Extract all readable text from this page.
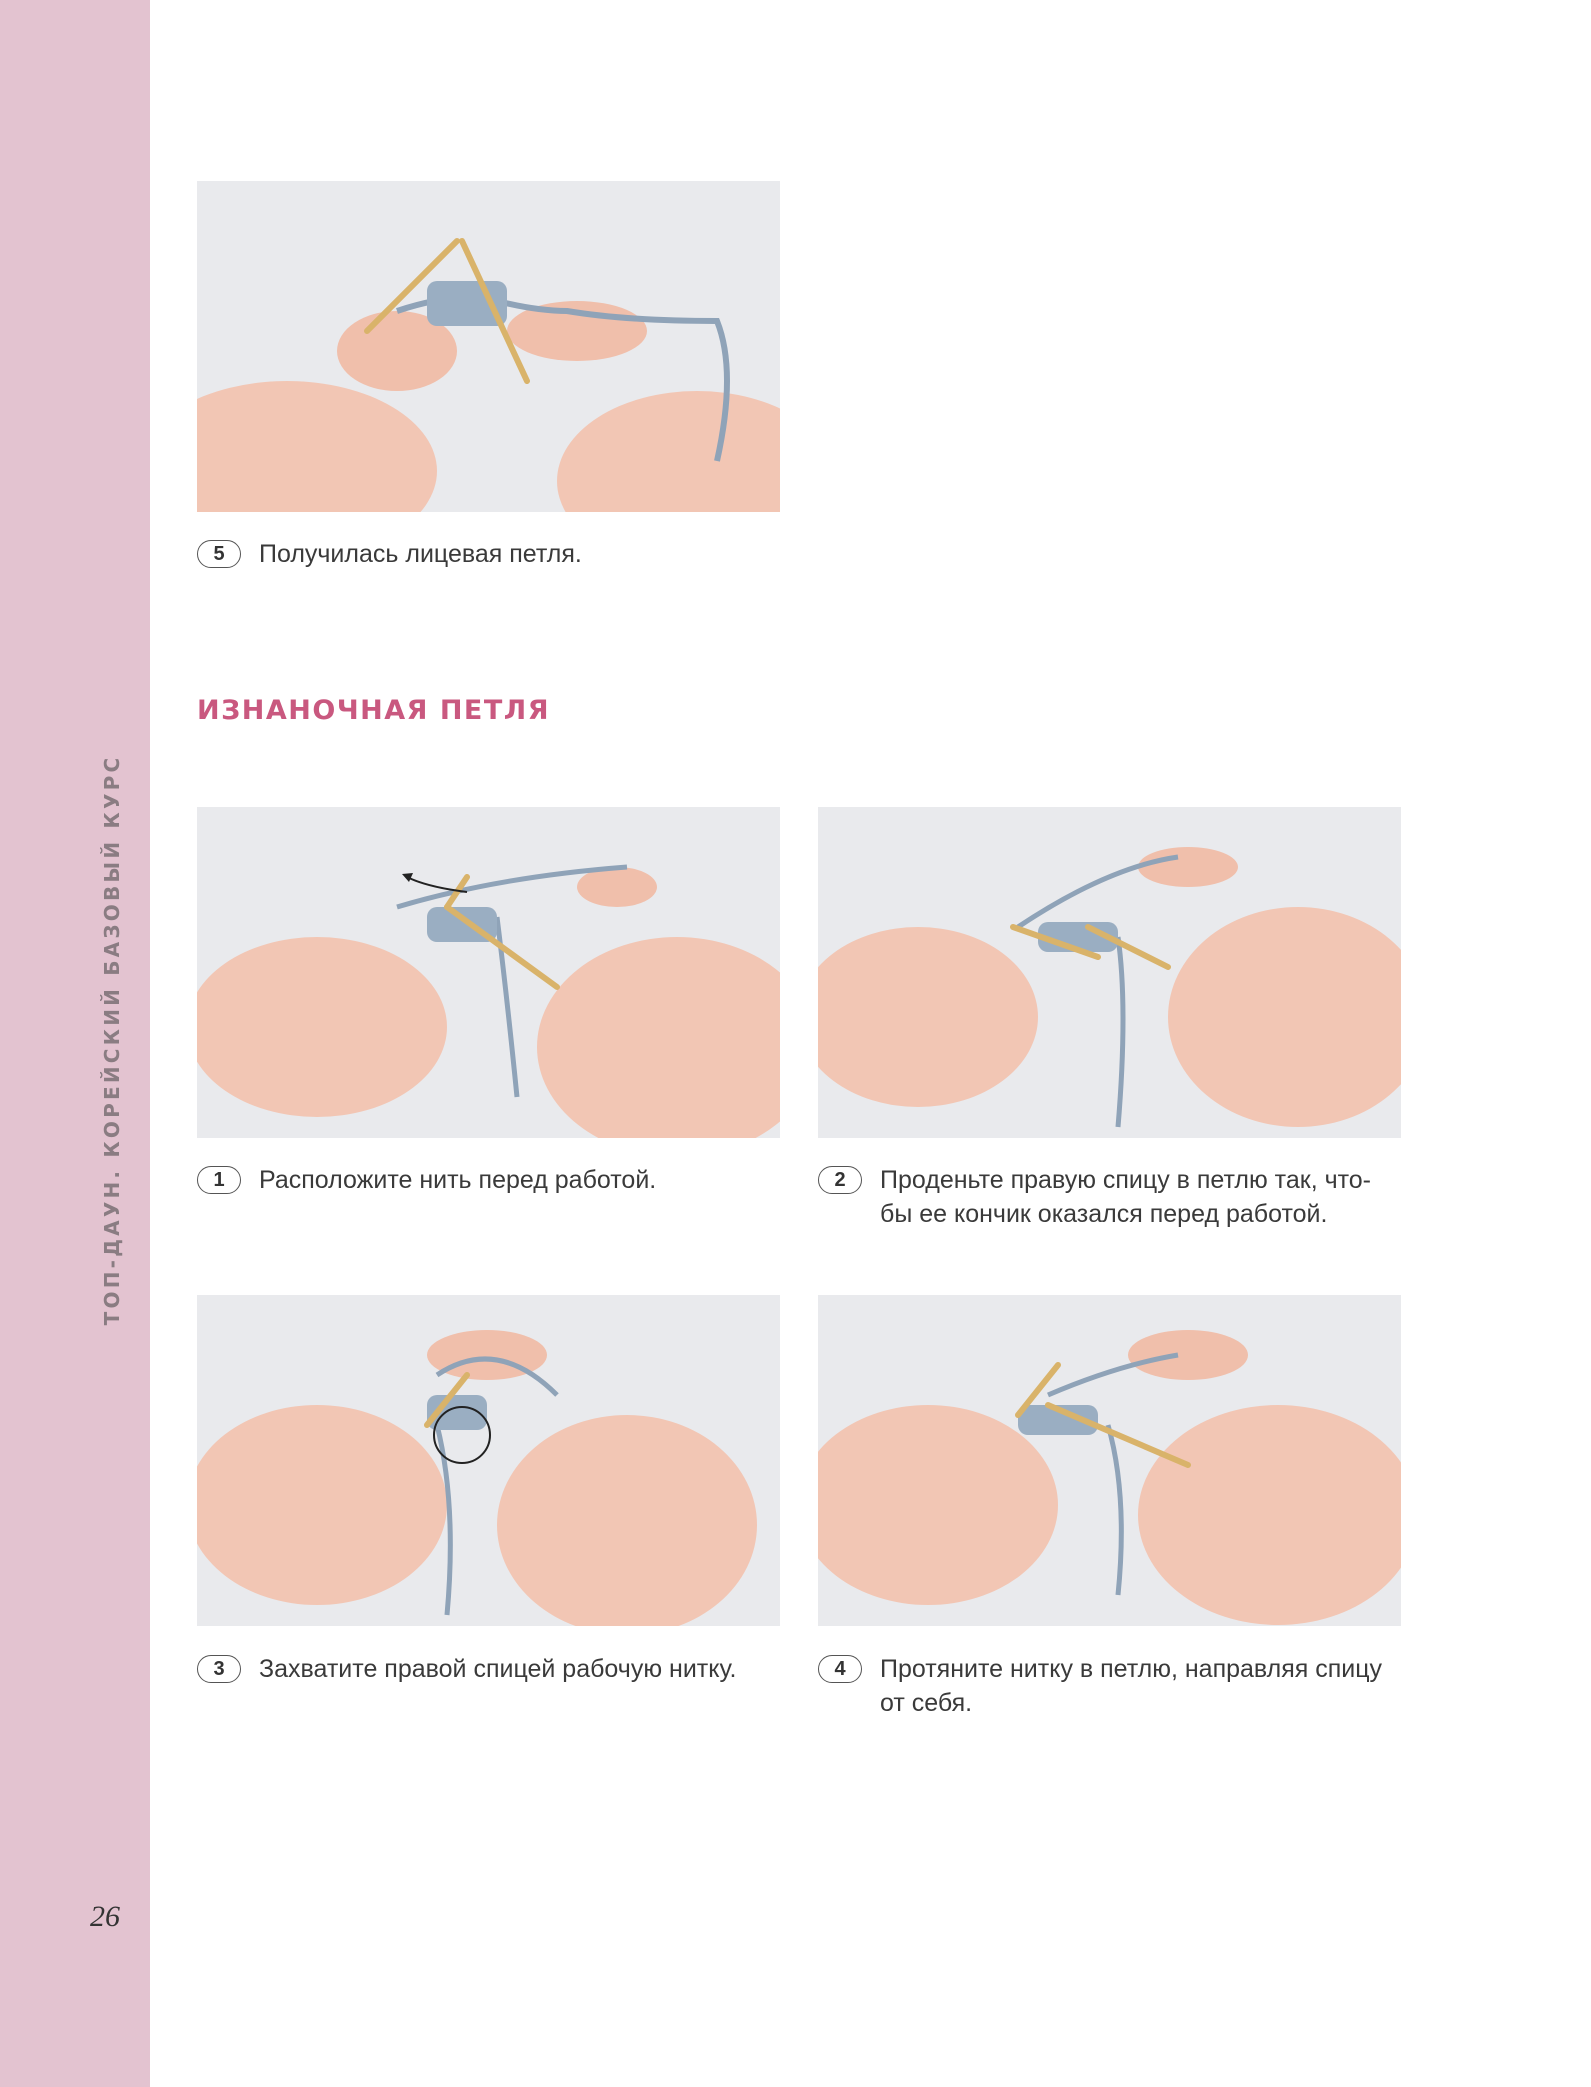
ТОП-ДАУН. КОРЕЙСКИЙ БАЗОВЫЙ КУРС
26
5	Получилась лицевая петля.
ИЗНАНОЧНАЯ ПЕТЛЯ
1	Расположите нить перед работой.	2	Проденьте правую спицу в петлю так, что-
бы ее кончик оказался перед работой.
3	Захватите правой спицей рабочую нитку.	4	Протяните нитку в петлю, направляя спицу
от себя.
